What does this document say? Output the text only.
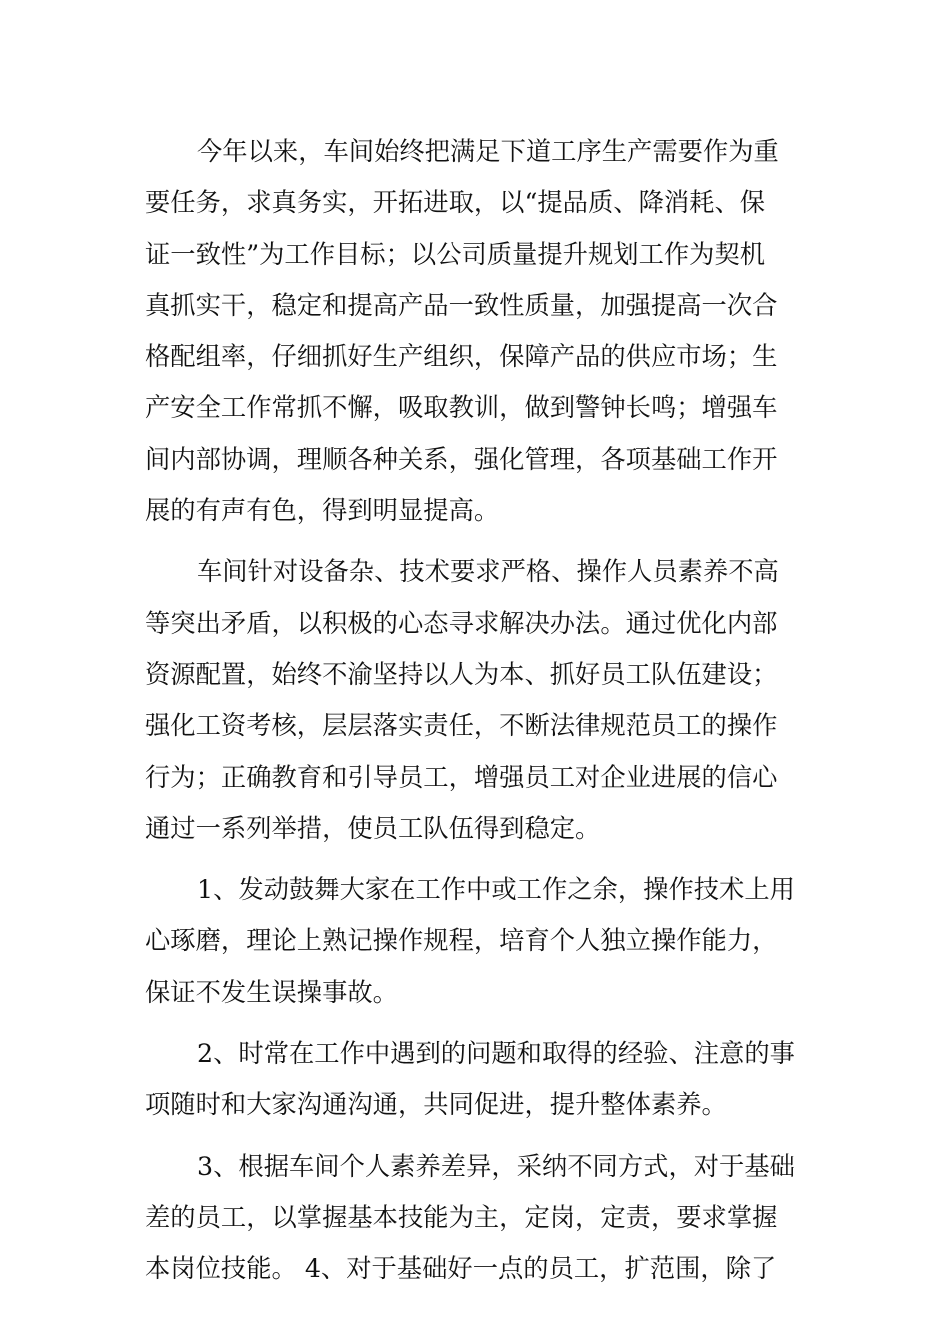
今年以来，车间始终把满足下道工序生产需要作为重
要任务，求真务实，开拓进取，以“提品质、降消耗、保
证一致性”为工作目标；以公司质量提升规划工作为契机
真抓实干，稳定和提高产品一致性质量，加强提高一次合
格配组率，仔细抓好生产组织，保障产品的供应市场；生
产安全工作常抓不懈，吸取教训，做到警钟长鸣；增强车
间内部协调，理顺各种关系，强化管理，各项基础工作开
展的有声有色，得到明显提高。
车间针对设备杂、技术要求严格、操作人员素养不高
等突出矛盾，以积极的心态寻求解决办法。通过优化内部
资源配置，始终不渝坚持以人为本、抓好员工队伍建设；
强化工资考核，层层落实责任，不断法律规范员工的操作
行为；正确教育和引导员工，增强员工对企业进展的信心
通过一系列举措，使员工队伍得到稳定。
1、发动鼓舞大家在工作中或工作之余，操作技术上用
心琢磨，理论上熟记操作规程，培育个人独立操作能力，
保证不发生误操事故。
2、时常在工作中遇到的问题和取得的经验、注意的事
项随时和大家沟通沟通，共同促进，提升整体素养。
3、根据车间个人素养差异，采纳不同方式，对于基础
差的员工，以掌握基本技能为主，定岗，定责，要求掌握
本岗位技能。 4、对于基础好一点的员工，扩范围，除了
